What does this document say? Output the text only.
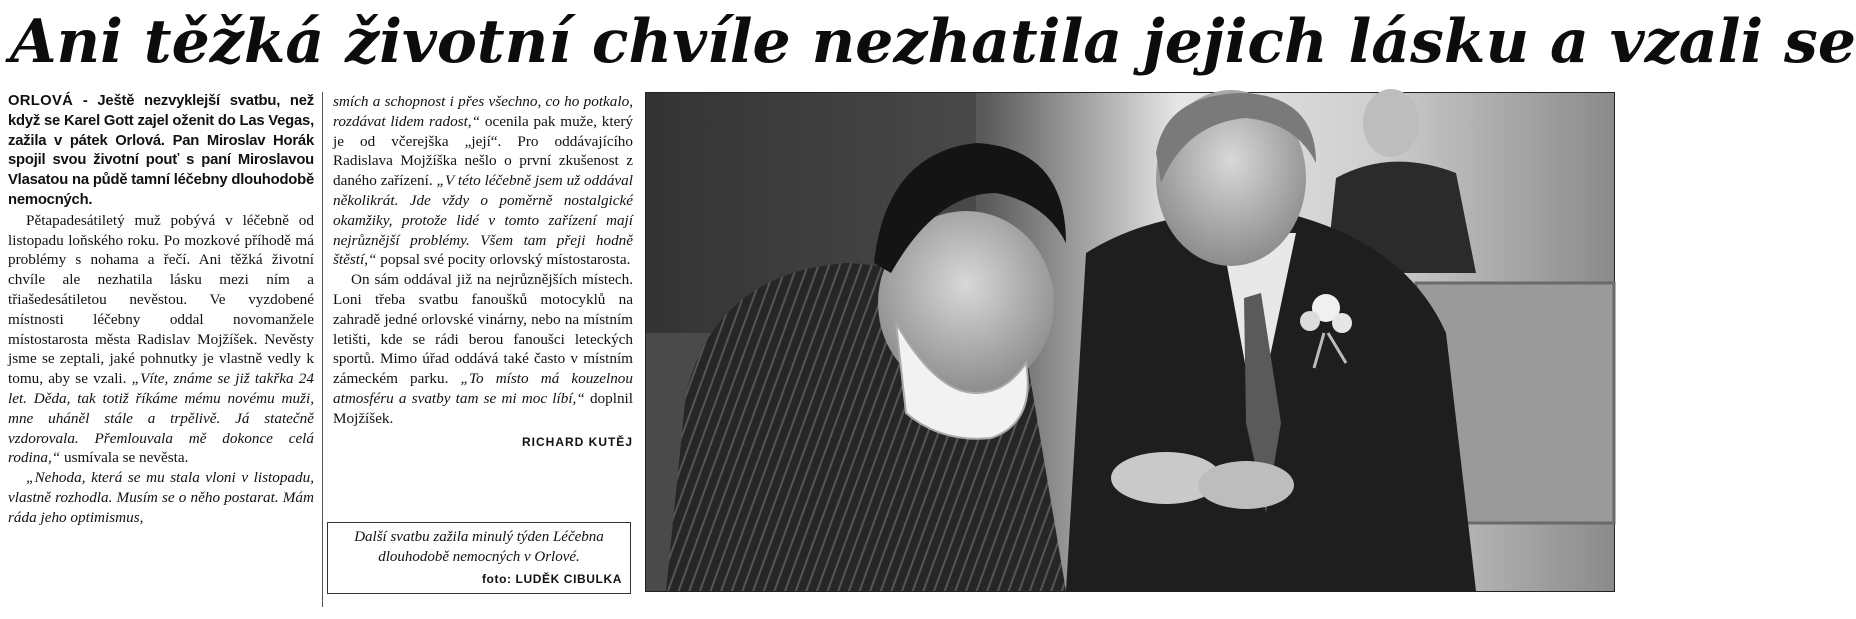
Ani těžká životní chvíle nezhatila jejich lásku a vzali se

ORLOVÁ - Ještě nezvyklejší svatbu, než když se Karel Gott zajel oženit do Las Vegas, zažila v pátek Orlová. Pan Miroslav Horák spojil svou životní pouť s paní Miroslavou Vlasatou na půdě tamní léčebny dlouhodobě nemocných.

Pětapadesátiletý muž pobývá v léčebně od listopadu loňského roku. Po mozkové příhodě má problémy s nohama a řečí. Ani těžká životní chvíle ale nezhatila lásku mezi ním a třiašedesátiletou nevěstou. Ve vyzdobené místnosti léčebny oddal novomanžele místostarosta města Radislav Mojžíšek. Nevěsty jsme se zeptali, jaké pohnutky je vlastně vedly k tomu, aby se vzali. „Víte, známe se již takřka 24 let. Děda, tak totiž říkáme mému novému muži, mne uháněl stále a trpělivě. Já statečně vzdorovala. Přemlouvala mě dokonce celá rodina,“ usmívala se nevěsta.

„Nehoda, která se mu stala vloni v listopadu, vlastně rozhodla. Musím se o něho postarat. Mám ráda jeho optimismus,

smích a schopnost i přes všechno, co ho potkalo, rozdávat lidem radost,“ ocenila pak muže, který je od včerejška „její“. Pro oddávajícího Radislava Mojžíška nešlo o první zkušenost z daného zařízení. „V této léčebně jsem už oddával několikrát. Jde vždy o poměrně nostalgické okamžiky, protože lidé v tomto zařízení mají nejrůznější problémy. Všem tam přeji hodně štěstí,“ popsal své pocity orlovský místostarosta.

On sám oddával již na nejrůznějších místech. Loni třeba svatbu fanoušků motocyklů na zahradě jedné orlovské vinárny, nebo na místním letišti, kde se rádi berou fanoušci leteckých sportů. Mimo úřad oddává také často v místním zámeckém parku. „To místo má kouzelnou atmosféru a svatby tam se mi moc líbí,“ doplnil Mojžíšek.

RICHARD KUTĚJ
Další svatbu zažila minulý týden Léčebna dlouhodobě nemocných v Orlové.
foto: LUDĚK CIBULKA
